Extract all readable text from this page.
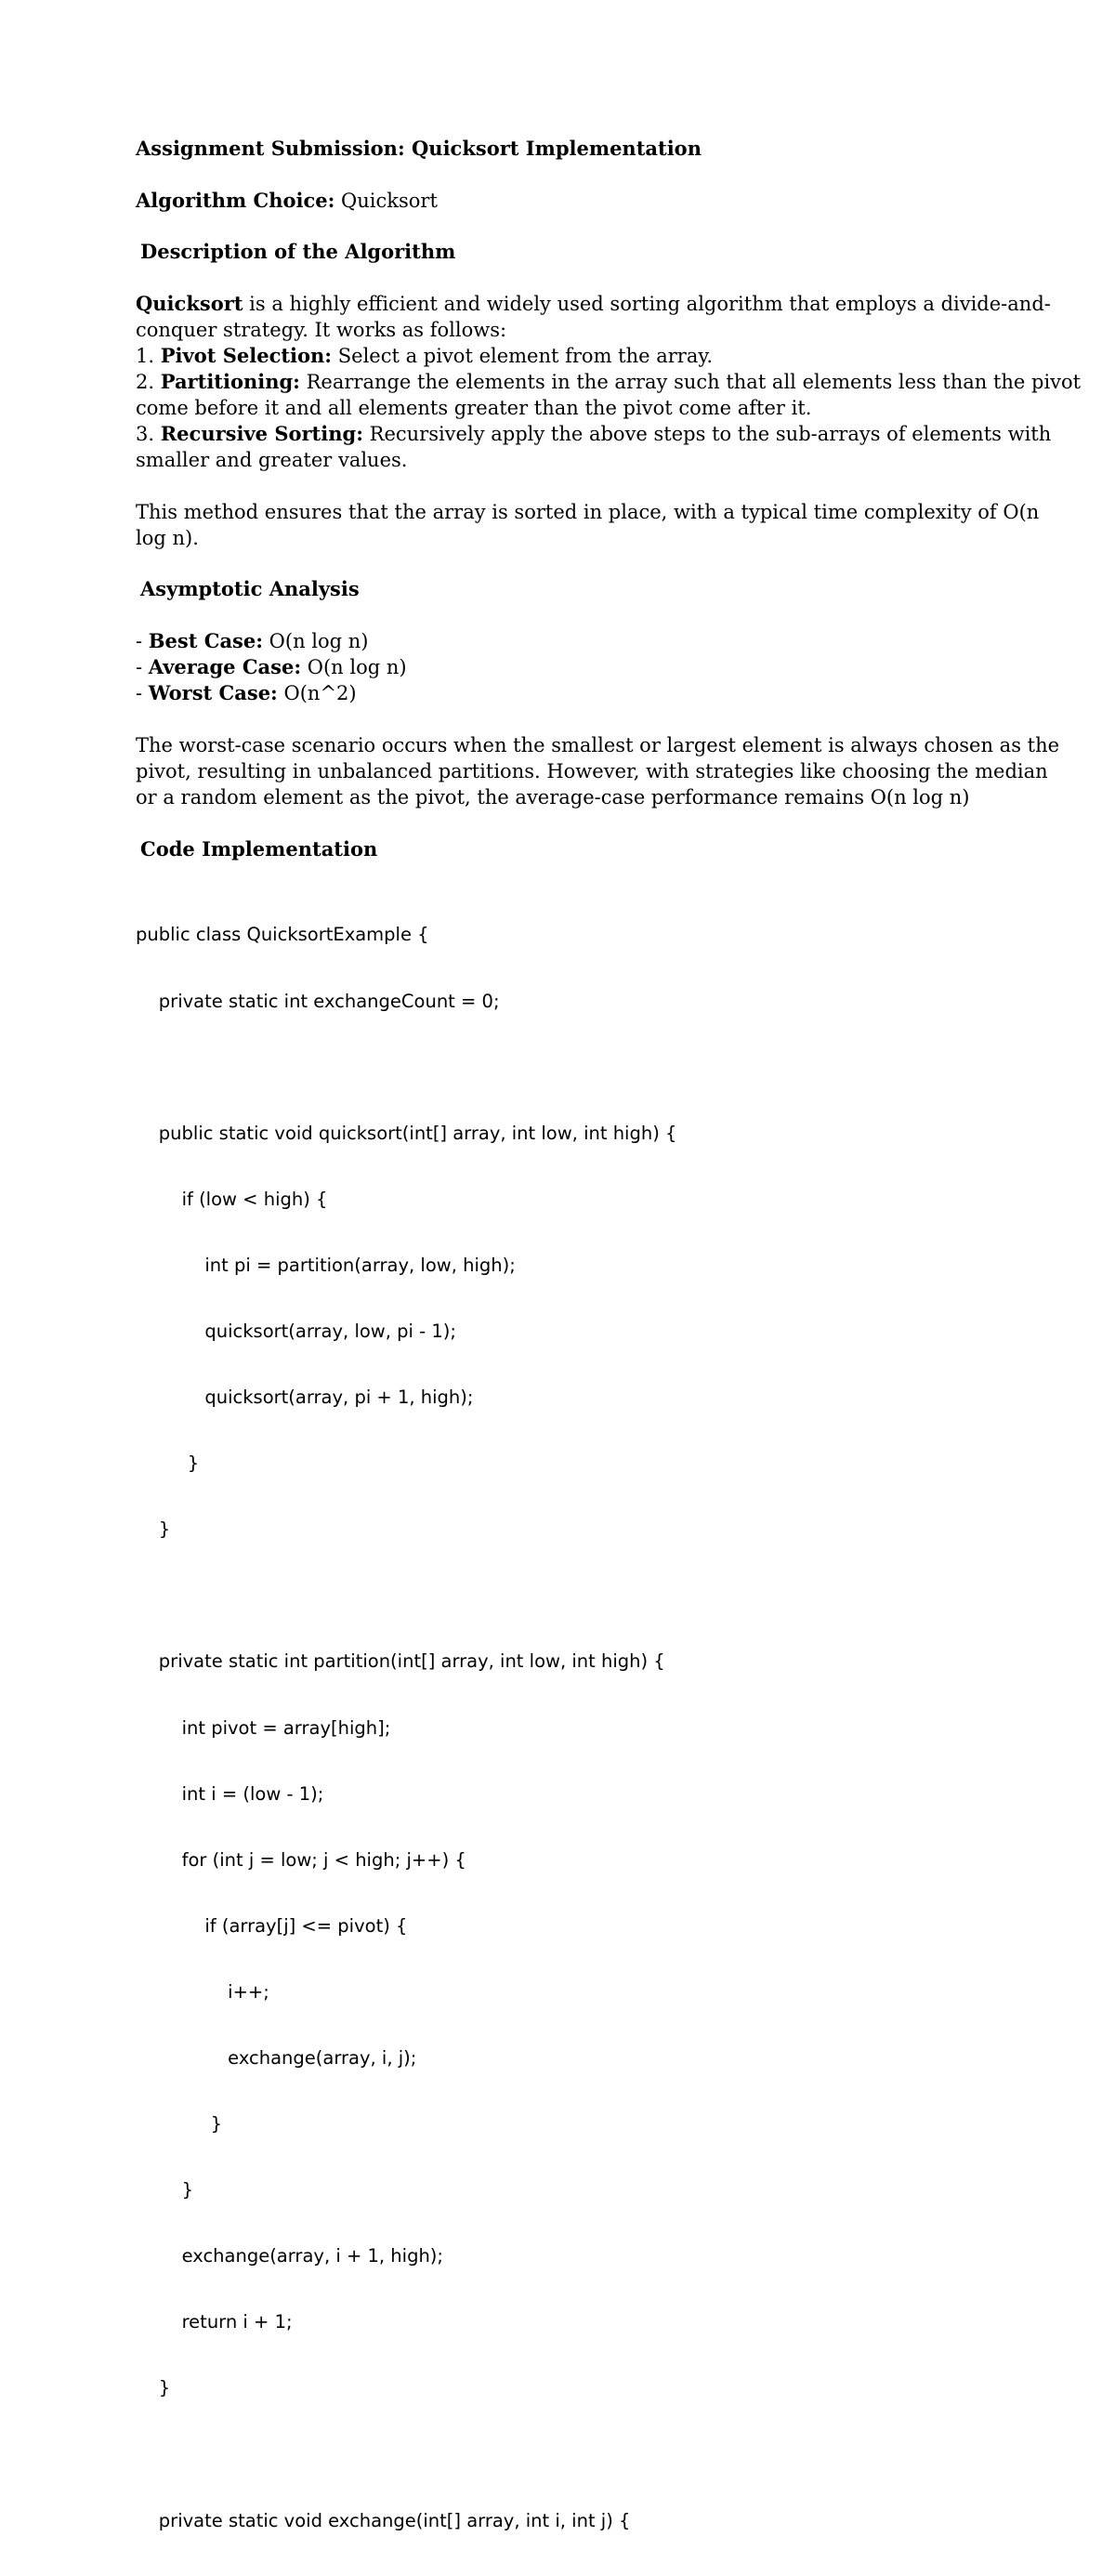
Assignment Submission: Quicksort Implementation
Algorithm Choice: Quicksort
Description of the Algorithm
Quicksort is a highly efficient and widely used sorting algorithm that employs a divide-and-
conquer strategy. It works as follows:
1. Pivot Selection: Select a pivot element from the array.
2. Partitioning: Rearrange the elements in the array such that all elements less than the pivot
come before it and all elements greater than the pivot come after it.
3. Recursive Sorting: Recursively apply the above steps to the sub-arrays of elements with
smaller and greater values.
This method ensures that the array is sorted in place, with a typical time complexity of O(n
log n).
Asymptotic Analysis
- Best Case: O(n log n)
- Average Case: O(n log n)
- Worst Case: O(n^2)
The worst-case scenario occurs when the smallest or largest element is always chosen as the
pivot, resulting in unbalanced partitions. However, with strategies like choosing the median
or a random element as the pivot, the average-case performance remains O(n log n)
Code Implementation

public class QuicksortExample {

private static int exchangeCount = 0;

public static void quicksort(int[] array, int low, int high) {

if (low < high) {

int pi = partition(array, low, high);

quicksort(array, low, pi - 1);

quicksort(array, pi + 1, high);

}

}

private static int partition(int[] array, int low, int high) {

int pivot = array[high];

int i = (low - 1);

for (int j = low; j < high; j++) {

if (array[j] <= pivot) {

i++;

exchange(array, i, j);

}

}

exchange(array, i + 1, high);

return i + 1;

}

private static void exchange(int[] array, int i, int j) {
